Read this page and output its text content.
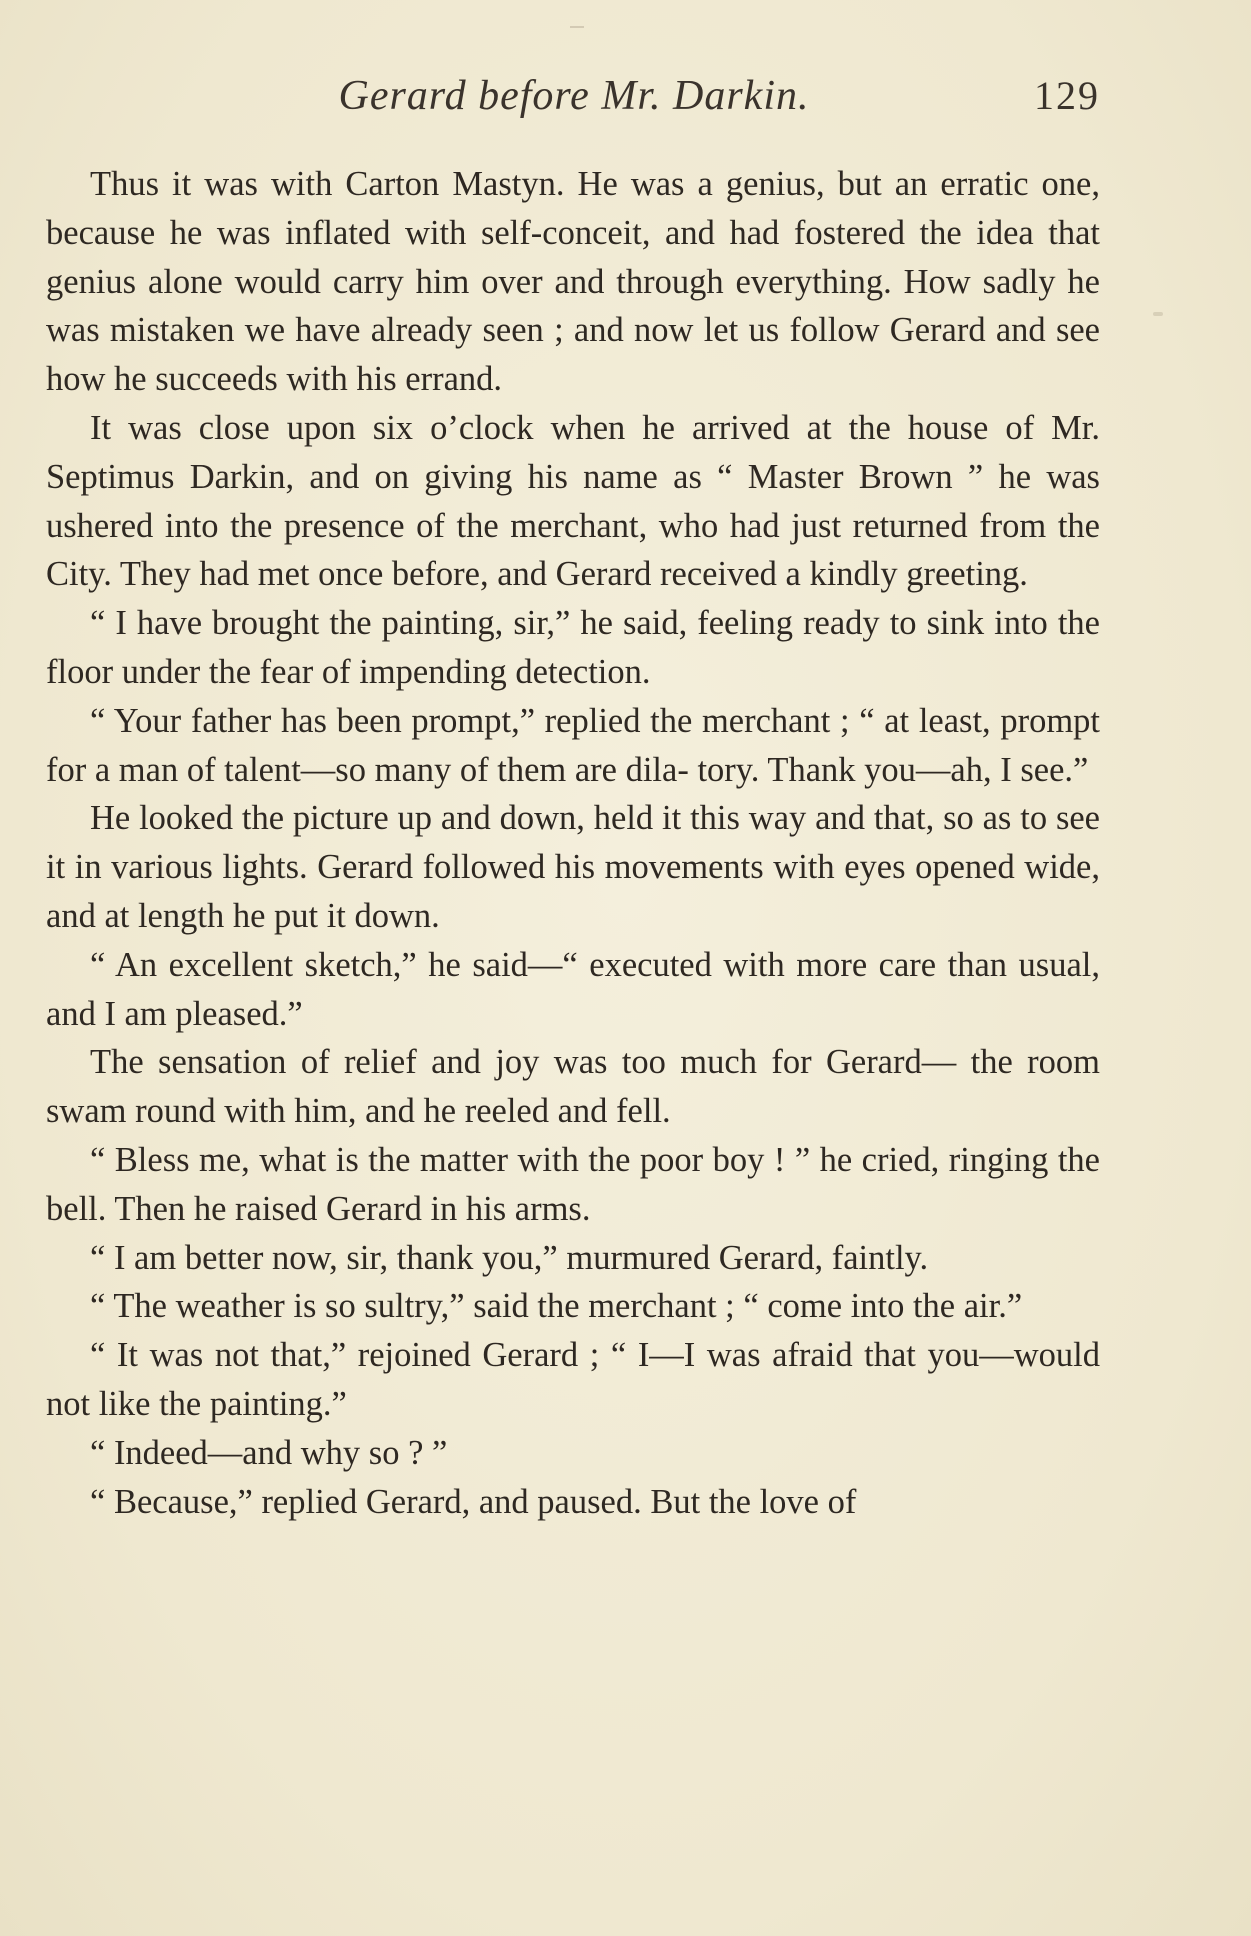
Gerard before Mr. Darkin.	129

Thus it was with Carton Mastyn. He was a genius, but an erratic one, because he was inflated with self-conceit, and had fostered the idea that genius alone would carry him over and through everything. How sadly he was mistaken we have already seen ; and now let us follow Gerard and see how he succeeds with his errand.

It was close upon six o’clock when he arrived at the house of Mr. Septimus Darkin, and on giving his name as “ Master Brown ” he was ushered into the presence of the merchant, who had just returned from the City. They had met once before, and Gerard received a kindly greeting.

“ I have brought the painting, sir,” he said, feeling ready to sink into the floor under the fear of impending detection.

“ Your father has been prompt,” replied the merchant ; “ at least, prompt for a man of talent—so many of them are dila- tory. Thank you—ah, I see.”

He looked the picture up and down, held it this way and that, so as to see it in various lights. Gerard followed his movements with eyes opened wide, and at length he put it down.

“ An excellent sketch,” he said—“ executed with more care than usual, and I am pleased.”

The sensation of relief and joy was too much for Gerard— the room swam round with him, and he reeled and fell.

“ Bless me, what is the matter with the poor boy ! ” he cried, ringing the bell. Then he raised Gerard in his arms.

“ I am better now, sir, thank you,” murmured Gerard, faintly.

“ The weather is so sultry,” said the merchant ; “ come into the air.”

“ It was not that,” rejoined Gerard ; “ I—I was afraid that you—would not like the painting.”

“ Indeed—and why so ? ”

“ Because,” replied Gerard, and paused. But the love of
